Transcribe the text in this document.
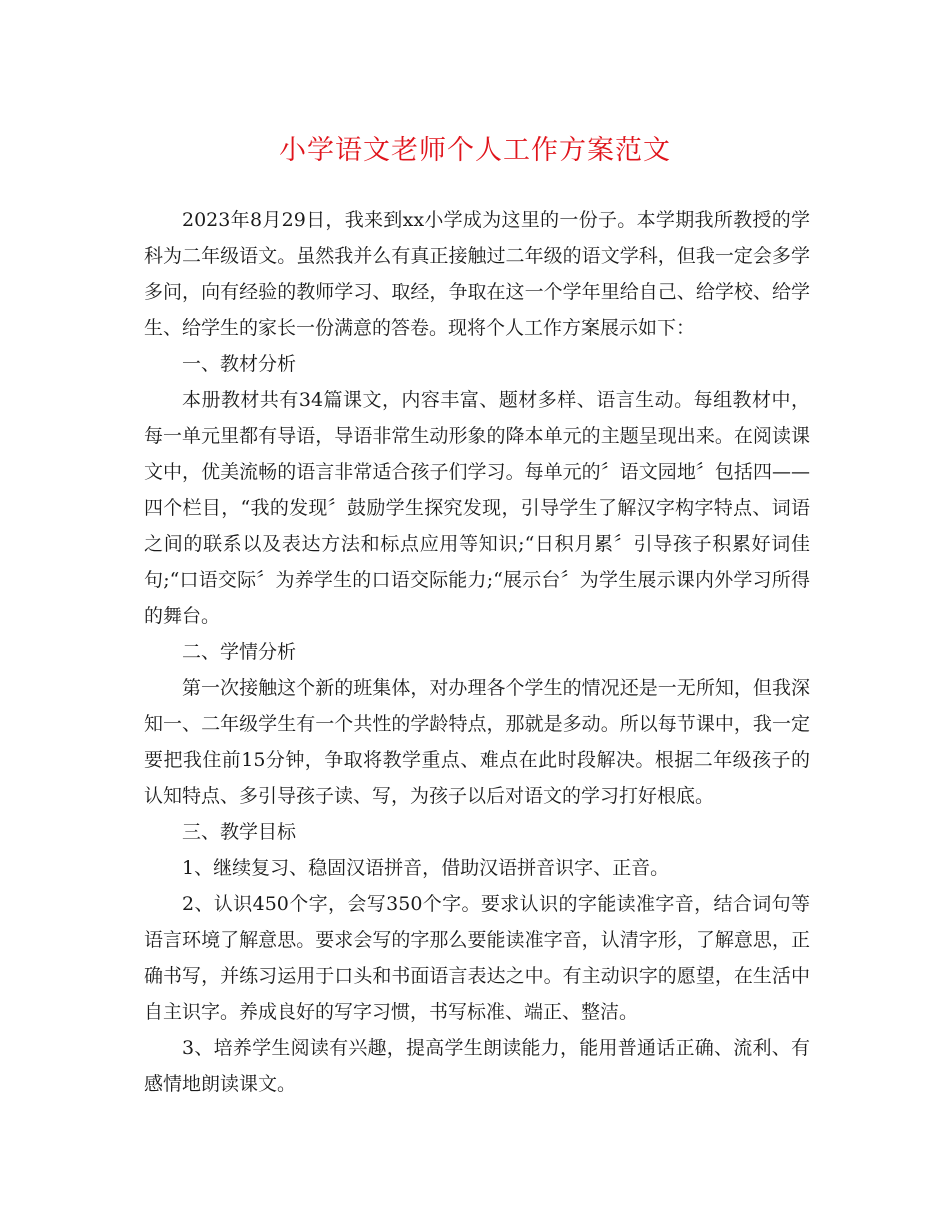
小学语文老师个人工作方案范文

2023年8月29日，我来到xx小学成为这里的一份子。本学期我所教授的学科为二年级语文。虽然我并么有真正接触过二年级的语文学科，但我一定会多学多问，向有经验的教师学习、取经，争取在这一个学年里给自己、给学校、给学生、给学生的家长一份满意的答卷。现将个人工作方案展示如下：

一、教材分析

本册教材共有34篇课文，内容丰富、题材多样、语言生动。每组教材中，每一单元里都有导语，导语非常生动形象的降本单元的主题呈现出来。在阅读课文中，优美流畅的语言非常适合孩子们学习。每单元的〞语文园地〞包括四——四个栏目，“我的发现〞鼓励学生探究发现，引导学生了解汉字构字特点、词语之间的联系以及表达方法和标点应用等知识;“日积月累〞引导孩子积累好词佳句;“口语交际〞为养学生的口语交际能力;“展示台〞为学生展示课内外学习所得的舞台。

二、学情分析

第一次接触这个新的班集体，对办理各个学生的情况还是一无所知，但我深知一、二年级学生有一个共性的学龄特点，那就是多动。所以每节课中，我一定要把我住前15分钟，争取将教学重点、难点在此时段解决。根据二年级孩子的认知特点、多引导孩子读、写，为孩子以后对语文的学习打好根底。

三、教学目标

1、继续复习、稳固汉语拼音，借助汉语拼音识字、正音。

2、认识450个字，会写350个字。要求认识的字能读准字音，结合词句等语言环境了解意思。要求会写的字那么要能读准字音，认清字形，了解意思，正确书写，并练习运用于口头和书面语言表达之中。有主动识字的愿望，在生活中自主识字。养成良好的写字习惯，书写标准、端正、整洁。

3、培养学生阅读有兴趣，提高学生朗读能力，能用普通话正确、流利、有感情地朗读课文。
